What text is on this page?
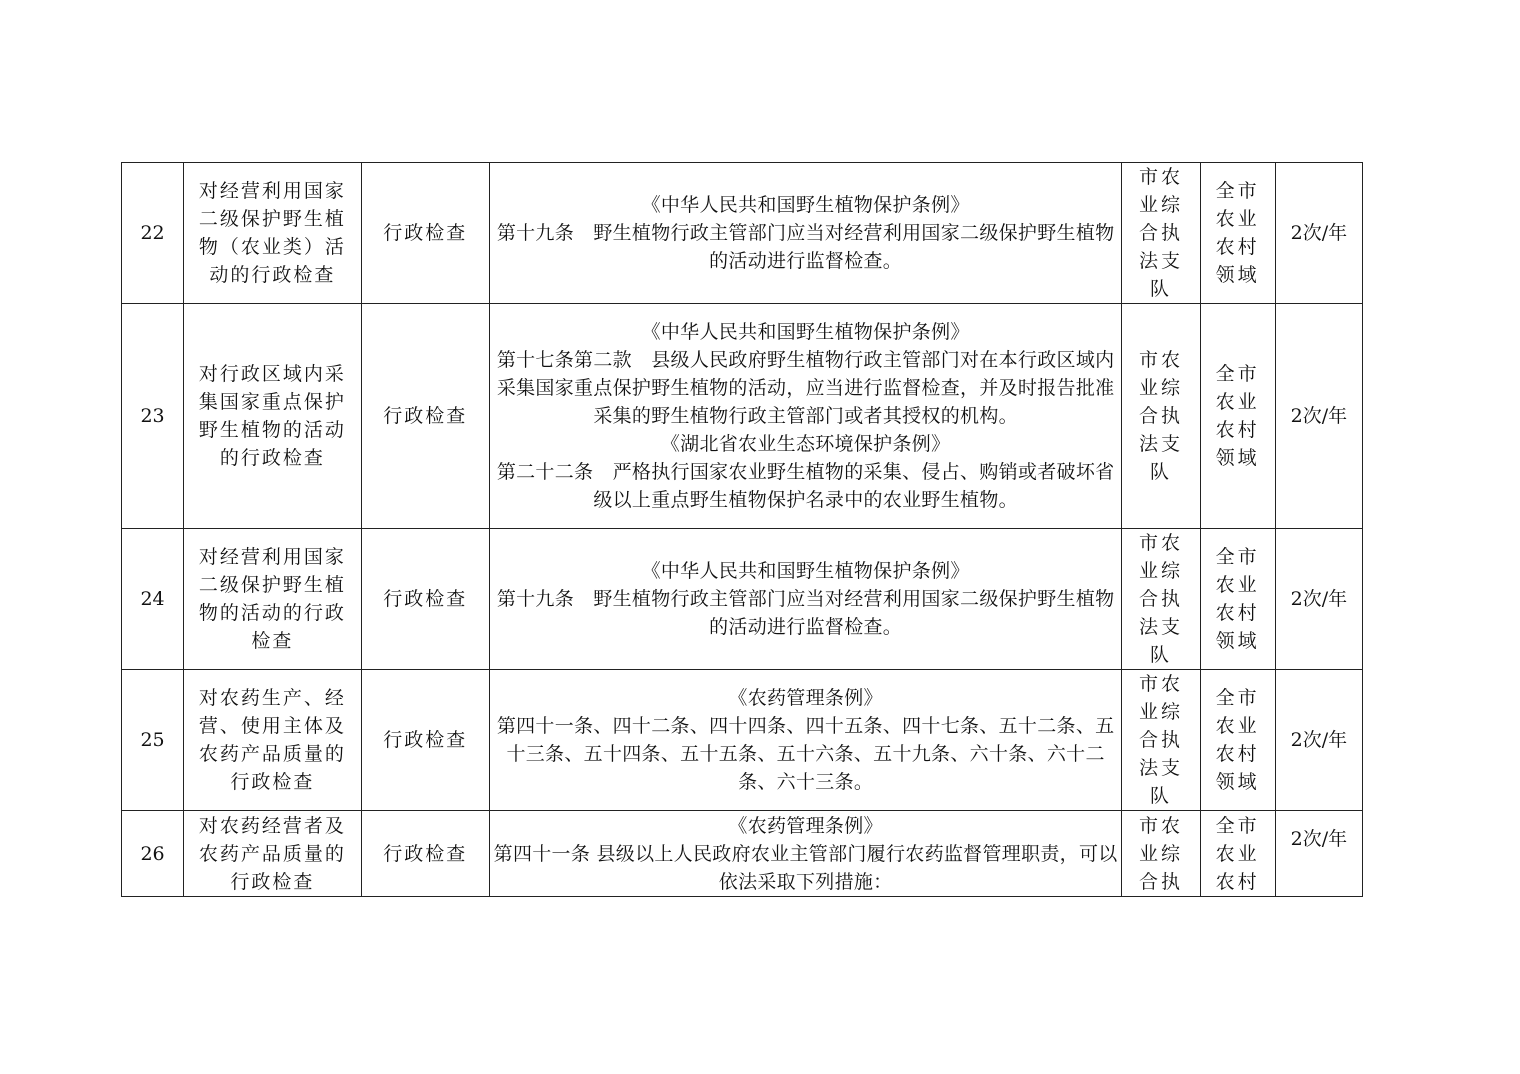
22	对经营利用国家二级保护野生植物（农业类）活动的行政检查	行政检查	《中华人民共和国野生植物保护条例》
第十九条　野生植物行政主管部门应当对经营利用国家二级保护野生植物的活动进行监督检查。	市农业综合执法支队	全市农业农村领域	2次/年

23	对行政区域内采集国家重点保护野生植物的活动的行政检查	行政检查	《中华人民共和国野生植物保护条例》
第十七条第二款　县级人民政府野生植物行政主管部门对在本行政区域内采集国家重点保护野生植物的活动，应当进行监督检查，并及时报告批准采集的野生植物行政主管部门或者其授权的机构。
《湖北省农业生态环境保护条例》
第二十二条　严格执行国家农业野生植物的采集、侵占、购销或者破坏省级以上重点野生植物保护名录中的农业野生植物。	市农业综合执法支队	全市农业农村领域	2次/年

24	对经营利用国家二级保护野生植物的活动的行政检查	行政检查	《中华人民共和国野生植物保护条例》
第十九条　野生植物行政主管部门应当对经营利用国家二级保护野生植物的活动进行监督检查。	市农业综合执法支队	全市农业农村领域	2次/年

25	对农药生产、经营、使用主体及农药产品质量的行政检查	行政检查	《农药管理条例》
第四十一条、四十二条、四十四条、四十五条、四十七条、五十二条、五十三条、五十四条、五十五条、五十六条、五十九条、六十条、六十二条、六十三条。	市农业综合执法支队	全市农业农村领域	2次/年

26	对农药经营者及农药产品质量的行政检查	行政检查	《农药管理条例》
第四十一条 县级以上人民政府农业主管部门履行农药监督管理职责，可以依法采取下列措施：	市农业综合执	全市农业农村	2次/年
